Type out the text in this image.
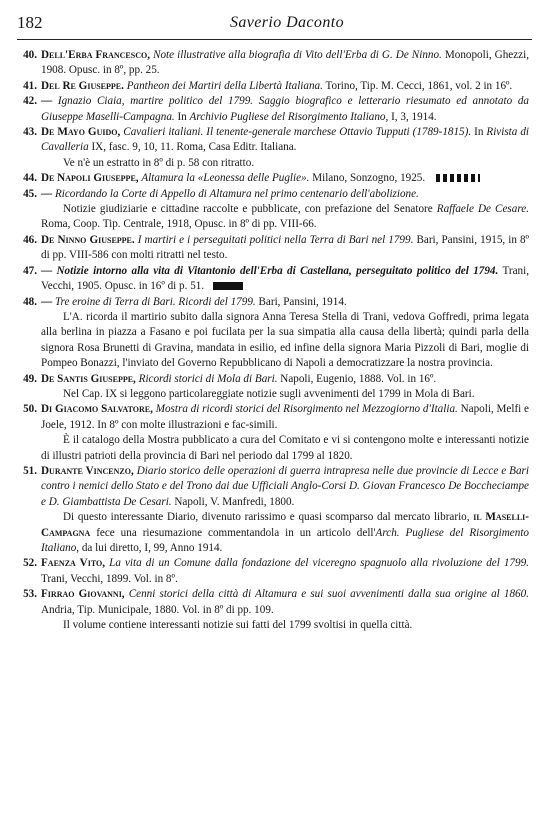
182	Saverio Daconto
40. Dell'Erba Francesco, Note illustrative alla biografia di Vito dell'Erba di G. De Ninno. Monopoli, Ghezzi, 1908. Opusc. in 8º, pp. 25.
41. Del Re Giuseppe. Pantheon dei Martiri della Libertà Italiana. Torino, Tip. M. Cecci, 1861, vol. 2 in 16º.
42. — Ignazio Ciaia, martire politico del 1799. Saggio biografico e letterario riesumato ed annotato da Giuseppe Maselli-Campagna. In Archivio Pugliese del Risorgimento Italiano, I, 3, 1914.
43. De Mayo Guido, Cavalieri italiani. Il tenente-generale marchese Ottavio Tupputi (1789-1815). In Rivista di Cavalleria IX, fasc. 9, 10, 11. Roma, Casa Editr. Italiana.
Ve n'è un estratto in 8º di p. 58 con ritratto.
44. De Napoli Giuseppe, Altamura la «Leonessa delle Puglie». Milano, Sonzogno, 1925.
45. — Ricordando la Corte di Appello di Altamura nel primo centenario dell'abolizione.
Notizie giudiziarie e cittadine raccolte e pubblicate, con prefazione del Senatore Raffaele De Cesare. Roma, Coop. Tip. Centrale, 1918, Opusc. in 8º di pp. VIII-66.
46. De Ninno Giuseppe. I martiri e i perseguitati politici nella Terra di Bari nel 1799. Bari, Pansini, 1915, in 8º di pp. VIII-586 con molti ritratti nel testo.
47. — Notizie intorno alla vita di Vitantonio dell'Erba di Castellana, perseguitato politico del 1794. Trani, Vecchi, 1905. Opusc. in 16º di p. 51.
48. — Tre eroine di Terra di Bari. Ricordi del 1799. Bari, Pansini, 1914.
L'A. ricorda il martirio subito dalla signora Anna Teresa Stella di Trani, vedova Goffredi, prima legata alla berlina in piazza a Fasano e poi fucilata per la sua simpatia alla causa della libertà; quindi parla della signora Rosa Brunetti di Gravina, mandata in esilio, ed infine della signora Maria Pizzoli di Bari, moglie di Pompeo Bonazzi, l'inviato del Governo Repubblicano di Napoli a democratizzare la nostra provincia.
49. De Santis Giuseppe, Ricordi storici di Mola di Bari. Napoli, Eugenio, 1888. Vol. in 16º.
Nel Cap. IX si leggono particolareggiate notizie sugli avvenimenti del 1799 in Mola di Bari.
50. Di Giacomo Salvatore, Mostra di ricordi storici del Risorgimento nel Mezzogiorno d'Italia. Napoli, Melfi e Joele, 1912. In 8º con molte illustrazioni e fac-simili.
È il catalogo della Mostra pubblicato a cura del Comitato e vi si contengono molte e interessanti notizie di illustri patrioti della provincia di Bari nel periodo dal 1799 al 1820.
51. Durante Vincenzo, Diario storico delle operazioni di guerra intrapresa nelle due provincie di Lecce e Bari contro i nemici dello Stato e del Trono dai due Ufficiali Anglo-Corsi D. Giovan Francesco De Boccheciampe e D. Giambattista De Cesari. Napoli, V. Manfredi, 1800.
Di questo interessante Diario, divenuto rarissimo e quasi scomparso dal mercato librario, il Maselli-Campagna fece una riesumazione commentandola in un articolo dell'Arch. Pugliese del Risorgimento Italiano, da lui diretto, I, 99, Anno 1914.
52. Faenza Vito, La vita di un Comune dalla fondazione del viceregno spagnuolo alla rivoluzione del 1799. Trani, Vecchi, 1899. Vol. in 8º.
53. Firrao Giovanni, Cenni storici della città di Altamura e sui suoi avvenimenti dalla sua origine al 1860. Andria, Tip. Municipale, 1880. Vol. in 8º di pp. 109.
Il volume contiene interessanti notizie sui fatti del 1799 svoltisi in quella città.
